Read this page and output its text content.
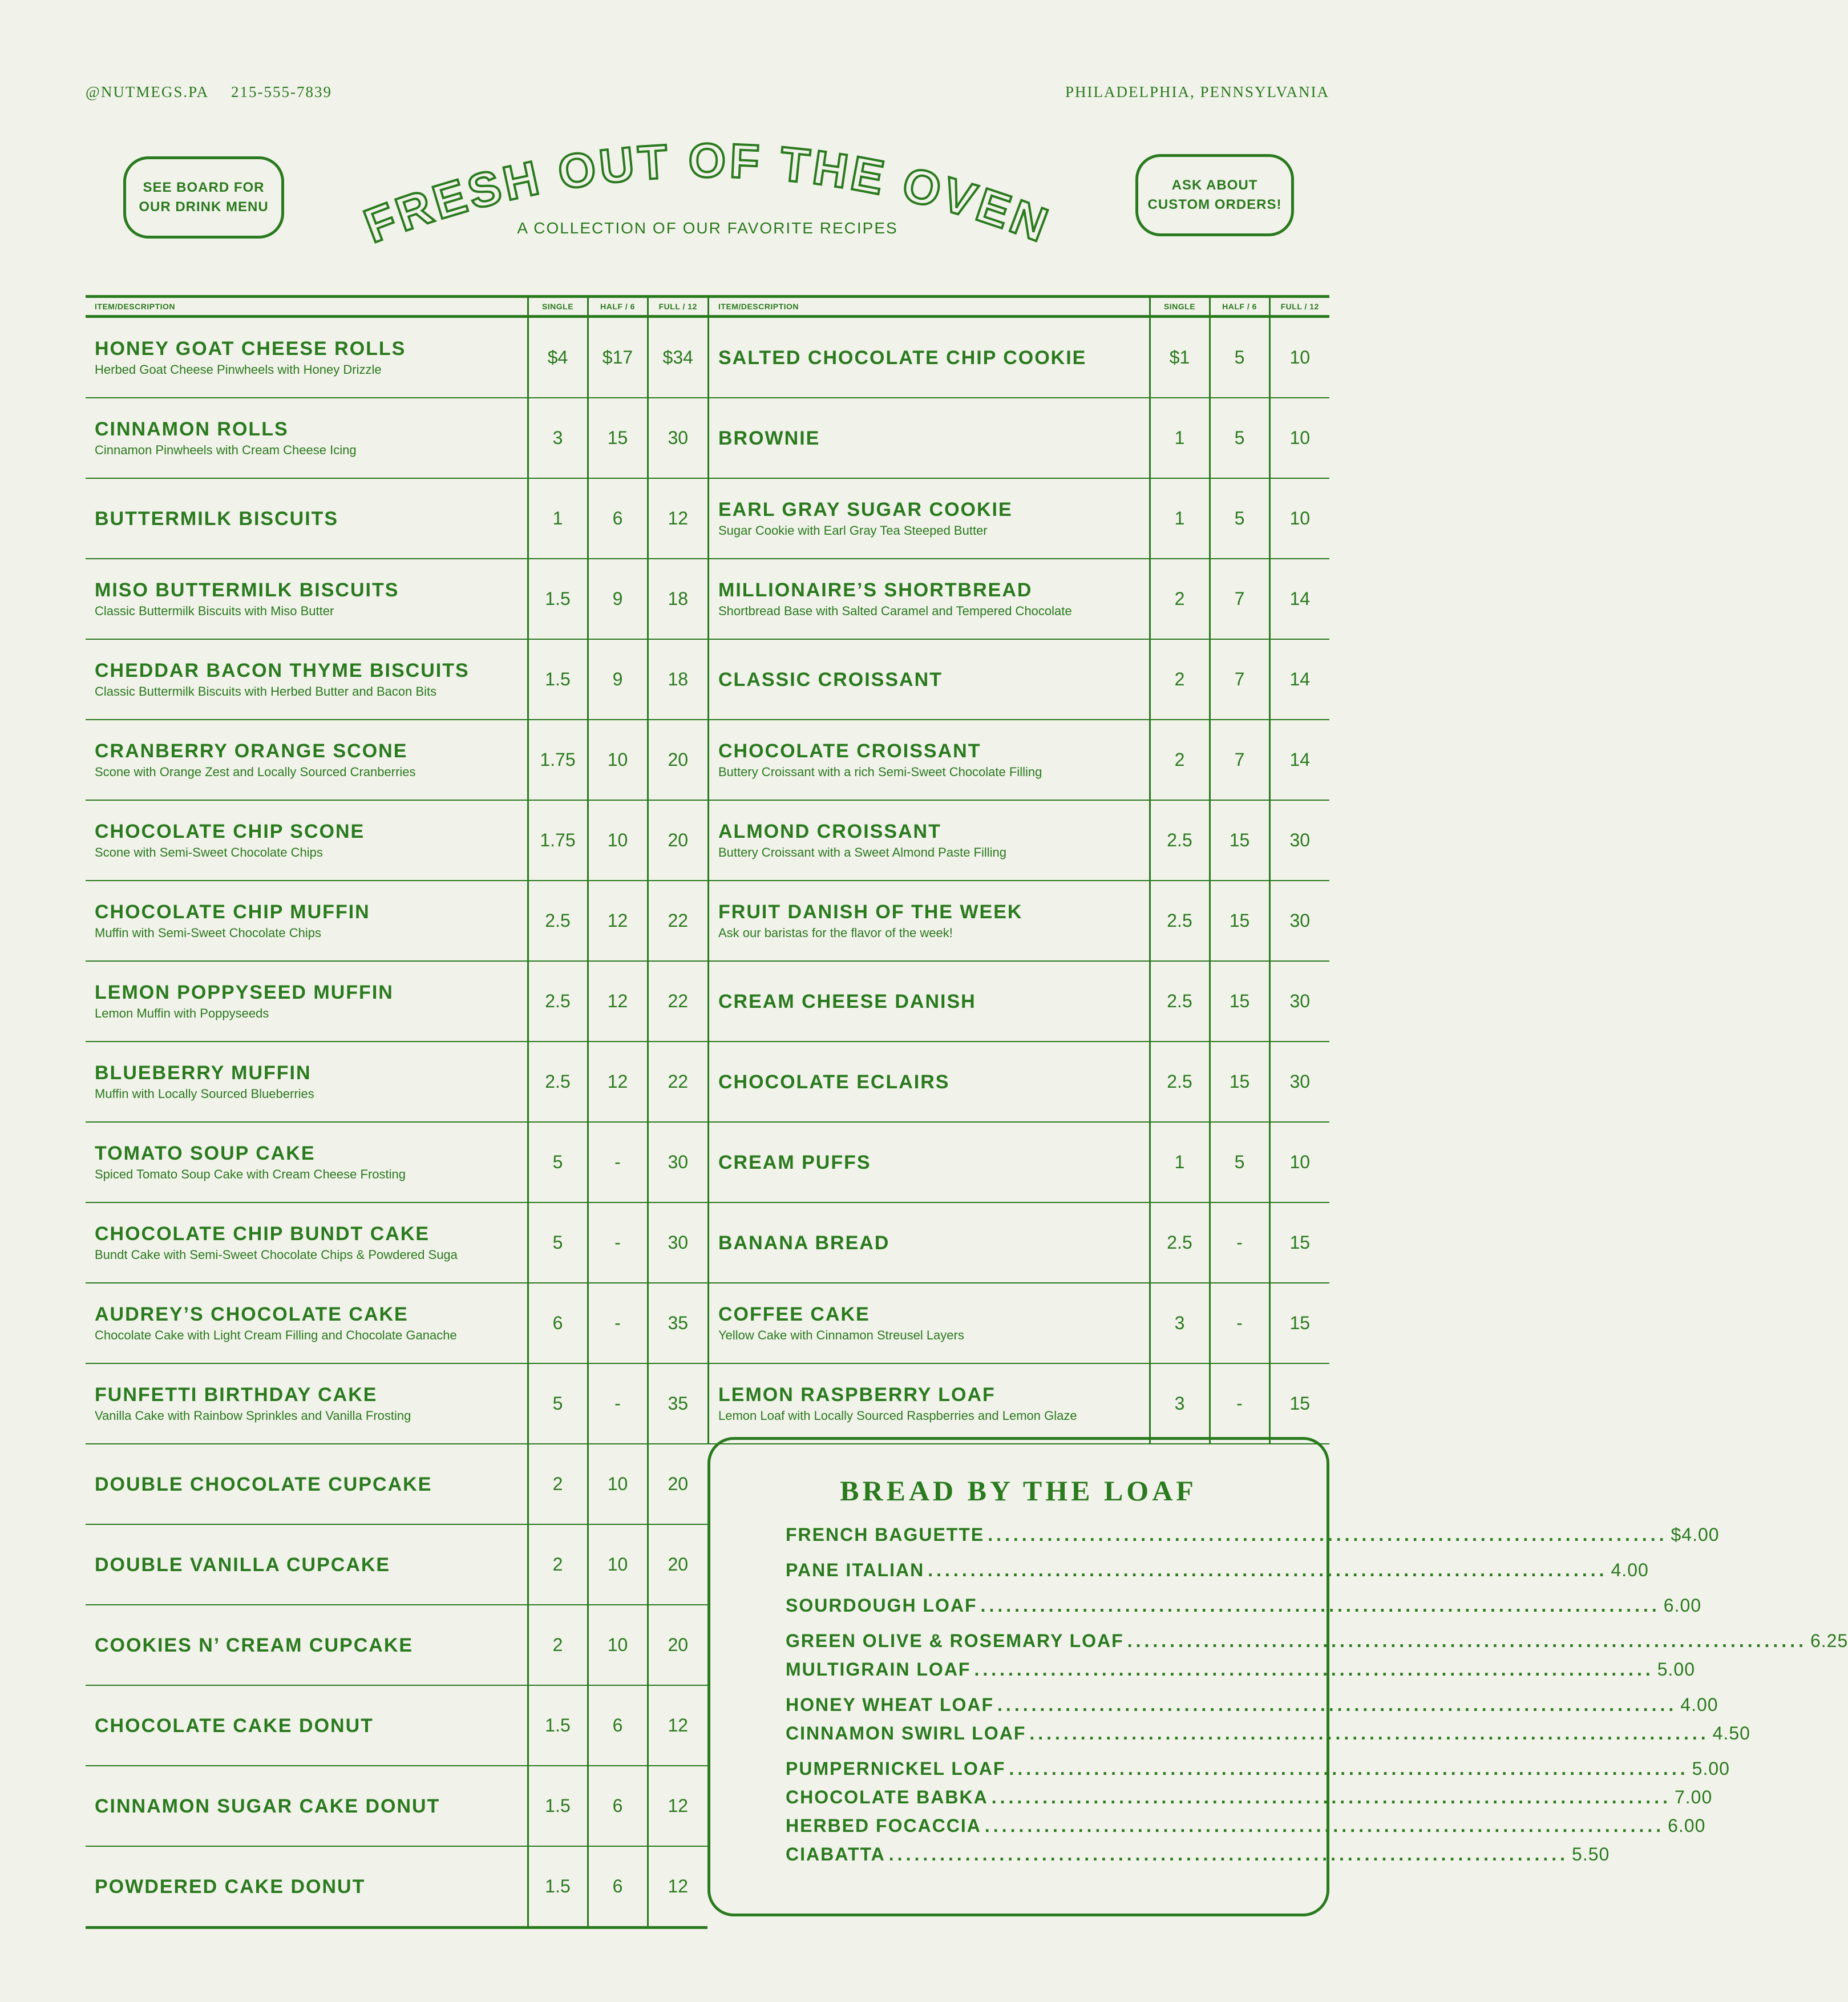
@NUTMEGS.PA 215-555-7839	PHILADELPHIA, PENNSYLVANIA
SEE BOARD FOR
OUR DRINK MENU
ASK ABOUT
CUSTOM ORDERS!
FRESH OUT OF THE OVEN
A COLLECTION OF OUR FAVORITE RECIPES
ITEM/DESCRIPTION	SINGLE	HALF / 6	FULL / 12

HONEY GOAT CHEESE ROLLS
Herbed Goat Cheese Pinwheels with Honey Drizzle	$4	$17	$34

CINNAMON ROLLS
Cinnamon Pinwheels with Cream Cheese Icing	3	15	30

BUTTERMILK BISCUITS	1	6	12

MISO BUTTERMILK BISCUITS
Classic Buttermilk Biscuits with Miso Butter	1.5	9	18

CHEDDAR BACON THYME BISCUITS
Classic Buttermilk Biscuits with Herbed Butter and Bacon Bits	1.5	9	18

CRANBERRY ORANGE SCONE
Scone with Orange Zest and Locally Sourced Cranberries	1.75	10	20

CHOCOLATE CHIP SCONE
Scone with Semi-Sweet Chocolate Chips	1.75	10	20

CHOCOLATE CHIP MUFFIN
Muffin with Semi-Sweet Chocolate Chips	2.5	12	22

LEMON POPPYSEED MUFFIN
Lemon Muffin with Poppyseeds	2.5	12	22

BLUEBERRY MUFFIN
Muffin with Locally Sourced Blueberries	2.5	12	22

TOMATO SOUP CAKE
Spiced Tomato Soup Cake with Cream Cheese Frosting	5	-	30

CHOCOLATE CHIP BUNDT CAKE
Bundt Cake with Semi-Sweet Chocolate Chips & Powdered Suga	5	-	30

AUDREY’S CHOCOLATE CAKE
Chocolate Cake with Light Cream Filling and Chocolate Ganache	6	-	35

FUNFETTI BIRTHDAY CAKE
Vanilla Cake with Rainbow Sprinkles and Vanilla Frosting	5	-	35

DOUBLE CHOCOLATE CUPCAKE	2	10	20

DOUBLE VANILLA CUPCAKE	2	10	20

COOKIES N’ CREAM CUPCAKE	2	10	20

CHOCOLATE CAKE DONUT	1.5	6	12

CINNAMON SUGAR CAKE DONUT	1.5	6	12

POWDERED CAKE DONUT	1.5	6	12
ITEM/DESCRIPTION	SINGLE	HALF / 6	FULL / 12

SALTED CHOCOLATE CHIP COOKIE	$1	5	10

BROWNIE	1	5	10

EARL GRAY SUGAR COOKIE
Sugar Cookie with Earl Gray Tea Steeped Butter	1	5	10

MILLIONAIRE’S SHORTBREAD
Shortbread Base with Salted Caramel and Tempered Chocolate	2	7	14

CLASSIC CROISSANT	2	7	14

CHOCOLATE CROISSANT
Buttery Croissant with a rich Semi-Sweet Chocolate Filling	2	7	14

ALMOND CROISSANT
Buttery Croissant with a Sweet Almond Paste Filling	2.5	15	30

FRUIT DANISH OF THE WEEK
Ask our baristas for the flavor of the week!	2.5	15	30

CREAM CHEESE DANISH	2.5	15	30

CHOCOLATE ECLAIRS	2.5	15	30

CREAM PUFFS	1	5	10

BANANA BREAD	2.5	-	15

COFFEE CAKE
Yellow Cake with Cinnamon Streusel Layers	3	-	15

LEMON RASPBERRY LOAF
Lemon Loaf with Locally Sourced Raspberries and Lemon Glaze	3	-	15
BREAD BY THE LOAF
FRENCH BAGUETTE ................................................................................ $4.00
PANE ITALIAN ................................................................................ 4.00
SOURDOUGH LOAF ................................................................................ 6.00
GREEN OLIVE & ROSEMARY LOAF ................................................................................ 6.25
MULTIGRAIN LOAF ................................................................................ 5.00
HONEY WHEAT LOAF ................................................................................ 4.00
CINNAMON SWIRL LOAF ................................................................................ 4.50
PUMPERNICKEL LOAF ................................................................................ 5.00
CHOCOLATE BABKA ................................................................................ 7.00
HERBED FOCACCIA ................................................................................ 6.00
CIABATTA ................................................................................ 5.50
